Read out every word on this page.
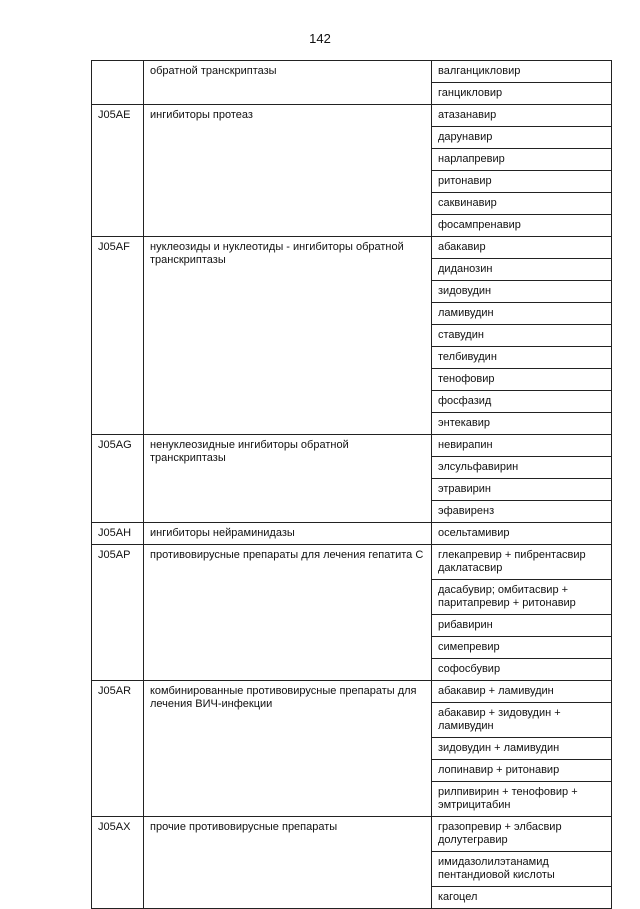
142
	обратной транскриптазы	валганцикловир
		ганцикловир
J05AE	ингибиторы протеаз	атазанавир
		дарунавир
		нарлапревир
		ритонавир
		саквинавир
		фосампренавир
J05AF	нуклеозиды и нуклеотиды - ингибиторы обратной транскриптазы	абакавир
		диданозин
		зидовудин
		ламивудин
		ставудин
		телбивудин
		тенофовир
		фосфазид
		энтекавир
J05AG	ненуклеозидные ингибиторы обратной транскриптазы	невирапин
		элсульфавирин
		этравирин
		эфавиренз
J05AH	ингибиторы нейраминидазы	осельтамивир
J05AP	противовирусные препараты для лечения гепатита С	глекапревир + пибрентасвир даклатасвир
		дасабувир; омбитасвир + паритапревир + ритонавир
		рибавирин
		симепревир
		софосбувир
J05AR	комбинированные противовирусные препараты для лечения ВИЧ-инфекции	абакавир + ламивудин
		абакавир + зидовудин + ламивудин
		зидовудин + ламивудин
		лопинавир + ритонавир
		рилпивирин + тенофовир + эмтрицитабин
J05AX	прочие противовирусные препараты	гразопревир + элбасвир долутегравир
		имидазолилэтанамид пентандиовой кислоты
		кагоцел
